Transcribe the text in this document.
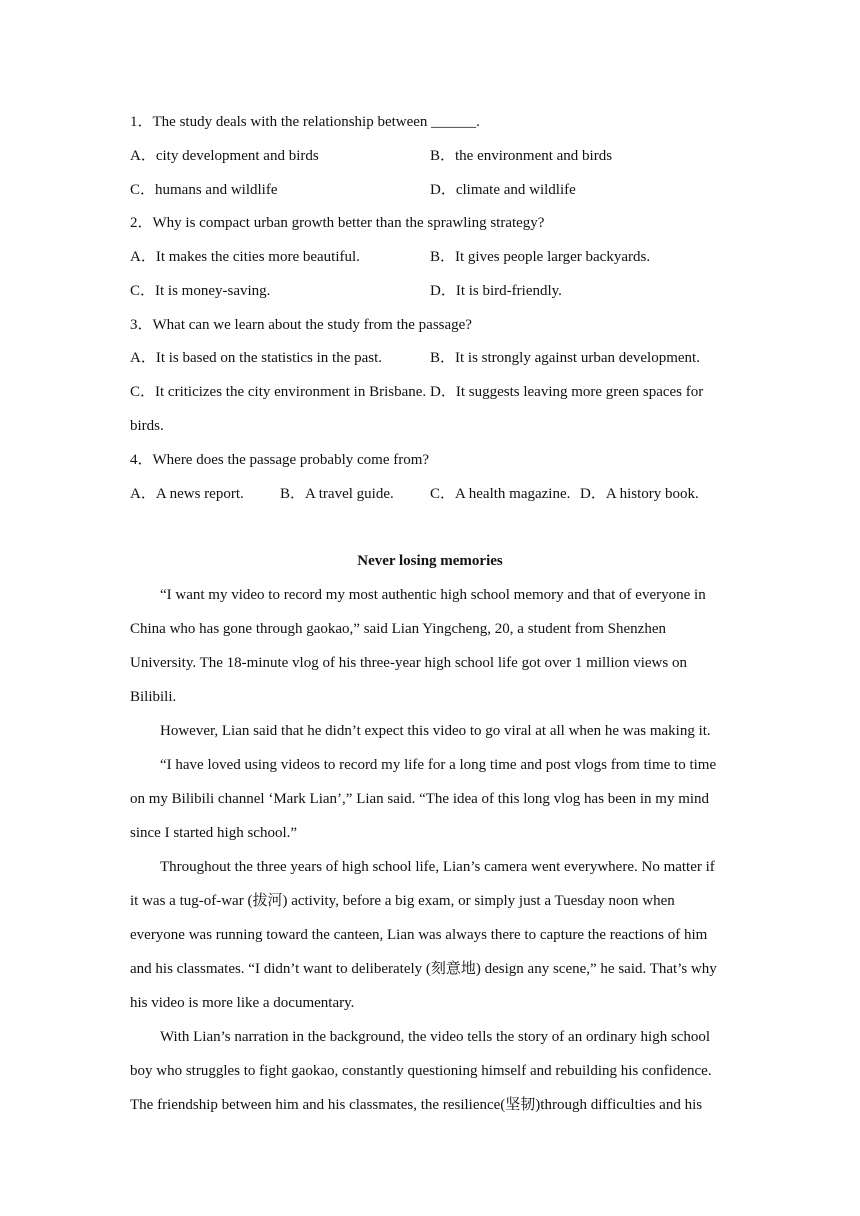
1．The study deals with the relationship between ______.
A．city development and birds	B．the environment and birds
C．humans and wildlife	D．climate and wildlife
2．Why is compact urban growth better than the sprawling strategy?
A．It makes the cities more beautiful.	B．It gives people larger backyards.
C．It is money-saving.	D．It is bird-friendly.
3．What can we learn about the study from the passage?
A．It is based on the statistics in the past.	B．It is strongly against urban development.
C．It criticizes the city environment in Brisbane. D．It suggests leaving more green spaces for
birds.
4．Where does the passage probably come from?
A．A news report. B．A travel guide. C．A health magazine. D．A history book.
Never losing memories
“I want my video to record my most authentic high school memory and that of everyone in
China who has gone through gaokao,” said Lian Yingcheng, 20, a student from Shenzhen
University. The 18-minute vlog of his three-year high school life got over 1 million views on
Bilibili.
However, Lian said that he didn’t expect this video to go viral at all when he was making it.
“I have loved using videos to record my life for a long time and post vlogs from time to time
on my Bilibili channel ‘Mark Lian’,” Lian said. “The idea of this long vlog has been in my mind
since I started high school.”
Throughout the three years of high school life, Lian’s camera went everywhere. No matter if
it was a tug-of-war (拔河) activity, before a big exam, or simply just a Tuesday noon when
everyone was running toward the canteen, Lian was always there to capture the reactions of him
and his classmates. “I didn’t want to deliberately (刻意地) design any scene,” he said. That’s why
his video is more like a documentary.
With Lian’s narration in the background, the video tells the story of an ordinary high school
boy who struggles to fight gaokao, constantly questioning himself and rebuilding his confidence.
The friendship between him and his classmates, the resilience(坚韧)through difficulties and his
